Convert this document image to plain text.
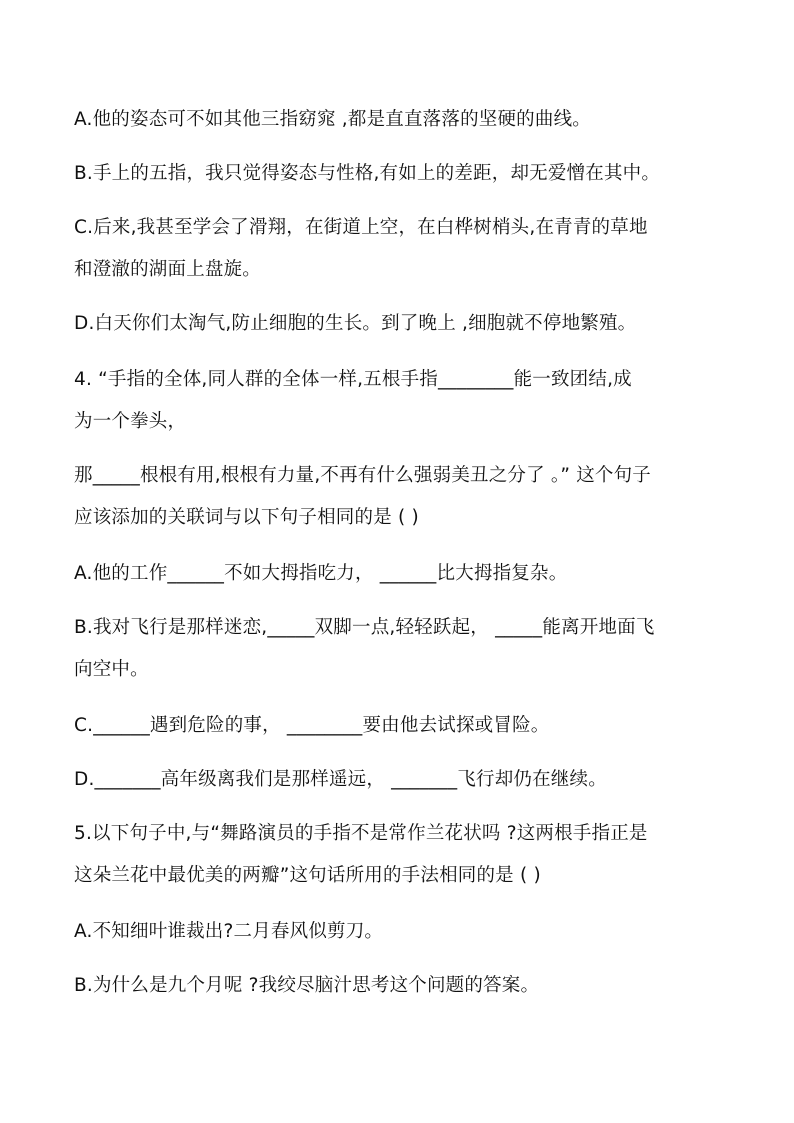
A.他的姿态可不如其他三指窈窕 ,都是直直落落的坚硬的曲线。
B.手上的五指，我只觉得姿态与性格,有如上的差距，却无爱憎在其中。
C.后来,我甚至学会了滑翔，在街道上空，在白桦树梢头,在青青的草地
和澄澈的湖面上盘旋。
D.白天你们太淘气,防止细胞的生长。到了晚上 ,细胞就不停地繁殖。
4. “手指的全体,同人群的全体一样,五根手指________能一致团结,成
为一个拳头，
那_____根根有用,根根有力量,不再有什么强弱美丑之分了 。” 这个句子
应该添加的关联词与以下句子相同的是 ( )
A.他的工作______不如大拇指吃力， ______比大拇指复杂。
B.我对飞行是那样迷恋,_____双脚一点,轻轻跃起， _____能离开地面飞
向空中。
C.______遇到危险的事， ________要由他去试探或冒险。
D._______高年级离我们是那样遥远， _______飞行却仍在继续。
5.以下句子中,与“舞路演员的手指不是常作兰花状吗 ?这两根手指正是
这朵兰花中最优美的两瓣”这句话所用的手法相同的是 ( )
A.不知细叶谁裁出?二月春风似剪刀。
B.为什么是九个月呢 ?我绞尽脑汁思考这个问题的答案。
